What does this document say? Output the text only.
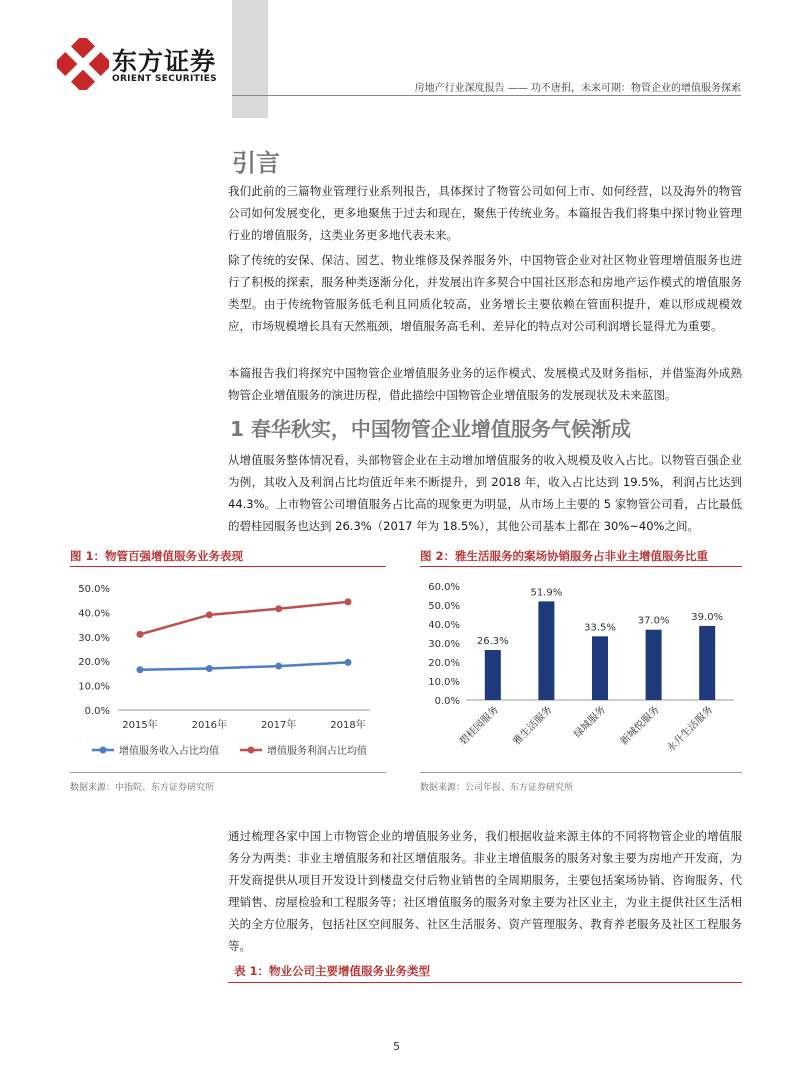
东方证券
ORIENT SECURITIES
房地产行业深度报告 —— 功不唐捐，未来可期：物管企业的增值服务探索
引言
我们此前的三篇物业管理行业系列报告，具体探讨了物管公司如何上市、如何经营，以及海外的物管公司如何发展变化，更多地聚焦于过去和现在，聚焦于传统业务。本篇报告我们将集中探讨物业管理行业的增值服务，这类业务更多地代表未来。
除了传统的安保、保洁、园艺、物业维修及保养服务外，中国物管企业对社区物业管理增值服务也进行了积极的探索，服务种类逐渐分化，并发展出许多契合中国社区形态和房地产运作模式的增值服务类型。由于传统物管服务低毛利且同质化较高，业务增长主要依赖在管面积提升，难以形成规模效应，市场规模增长具有天然瓶颈，增值服务高毛利、差异化的特点对公司利润增长显得尤为重要。
本篇报告我们将探究中国物管企业增值服务业务的运作模式、发展模式及财务指标，并借鉴海外成熟物管企业增值服务的演进历程，借此描绘中国物管企业增值服务的发展现状及未来蓝图。
1 春华秋实，中国物管企业增值服务气候渐成
从增值服务整体情况看，头部物管企业在主动增加增值服务的收入规模及收入占比。以物管百强企业为例，其收入及利润占比均值近年来不断提升，到 2018 年，收入占比达到 19.5%，利润占比达到 44.3%。上市物管公司增值服务占比高的现象更为明显，从市场上主要的 5 家物管公司看，占比最低的碧桂园服务也达到 26.3%（2017 年为 18.5%），其他公司基本上都在 30%~40%之间。
图 1：物管百强增值服务业务表现
0.0%
10.0%
20.0%
30.0%
40.0%
50.0%
2015年	2016年	2017年	2018年
增值服务收入占比均值	增值服务利润占比均值
数据来源：中指院、东方证券研究所
图 2：雅生活服务的案场协销服务占非业主增值服务比重
0.0%
10.0%
20.0%
30.0%
40.0%
50.0%
60.0%
26.3%
碧桂园服务
51.9%
雅生活服务
33.5%
绿城服务
37.0%
新城悦服务
39.0%
永升生活服务
数据来源：公司年报、东方证券研究所
通过梳理各家中国上市物管企业的增值服务业务，我们根据收益来源主体的不同将物管企业的增值服务分为两类：非业主增值服务和社区增值服务。非业主增值服务的服务对象主要为房地产开发商，为开发商提供从项目开发设计到楼盘交付后物业销售的全周期服务，主要包括案场协销、咨询服务、代理销售、房屋检验和工程服务等；社区增值服务的服务对象主要为社区业主，为业主提供社区生活相关的全方位服务，包括社区空间服务、社区生活服务、资产管理服务、教育养老服务及社区工程服务等。
表 1：物业公司主要增值服务业务类型
5
